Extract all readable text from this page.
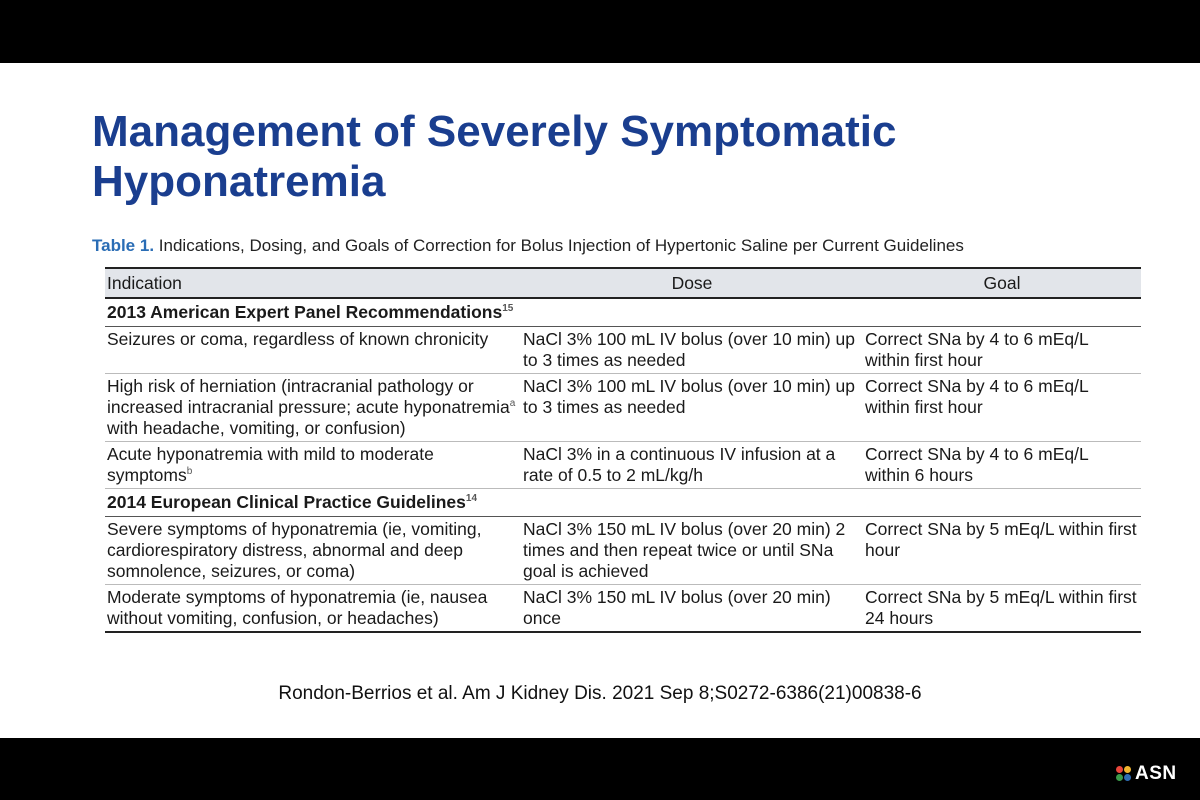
Management of Severely Symptomatic Hyponatremia
Table 1. Indications, Dosing, and Goals of Correction for Bolus Injection of Hypertonic Saline per Current Guidelines
Indication	Dose	Goal
2013 American Expert Panel Recommendations$^{15}$
Seizures or coma, regardless of known chronicity	NaCl 3% 100 mL IV bolus (over 10 min) up to 3 times as needed	Correct SNa by 4 to 6 mEq/L within first hour
High risk of herniation (intracranial pathology or increased intracranial pressure; acute hyponatremia$^a$ with headache, vomiting, or confusion)	NaCl 3% 100 mL IV bolus (over 10 min) up to 3 times as needed	Correct SNa by 4 to 6 mEq/L within first hour
Acute hyponatremia with mild to moderate symptoms$^b$	NaCl 3% in a continuous IV infusion at a rate of 0.5 to 2 mL/kg/h	Correct SNa by 4 to 6 mEq/L within 6 hours
2014 European Clinical Practice Guidelines$^{14}$
Severe symptoms of hyponatremia (ie, vomiting, cardiorespiratory distress, abnormal and deep somnolence, seizures, or coma)	NaCl 3% 150 mL IV bolus (over 20 min) 2 times and then repeat twice or until SNa goal is achieved	Correct SNa by 5 mEq/L within first hour
Moderate symptoms of hyponatremia (ie, nausea without vomiting, confusion, or headaches)	NaCl 3% 150 mL IV bolus (over 20 min) once	Correct SNa by 5 mEq/L within first 24 hours
Rondon-Berrios et al. Am J Kidney Dis. 2021 Sep 8;S0272-6386(21)00838-6
ASN
